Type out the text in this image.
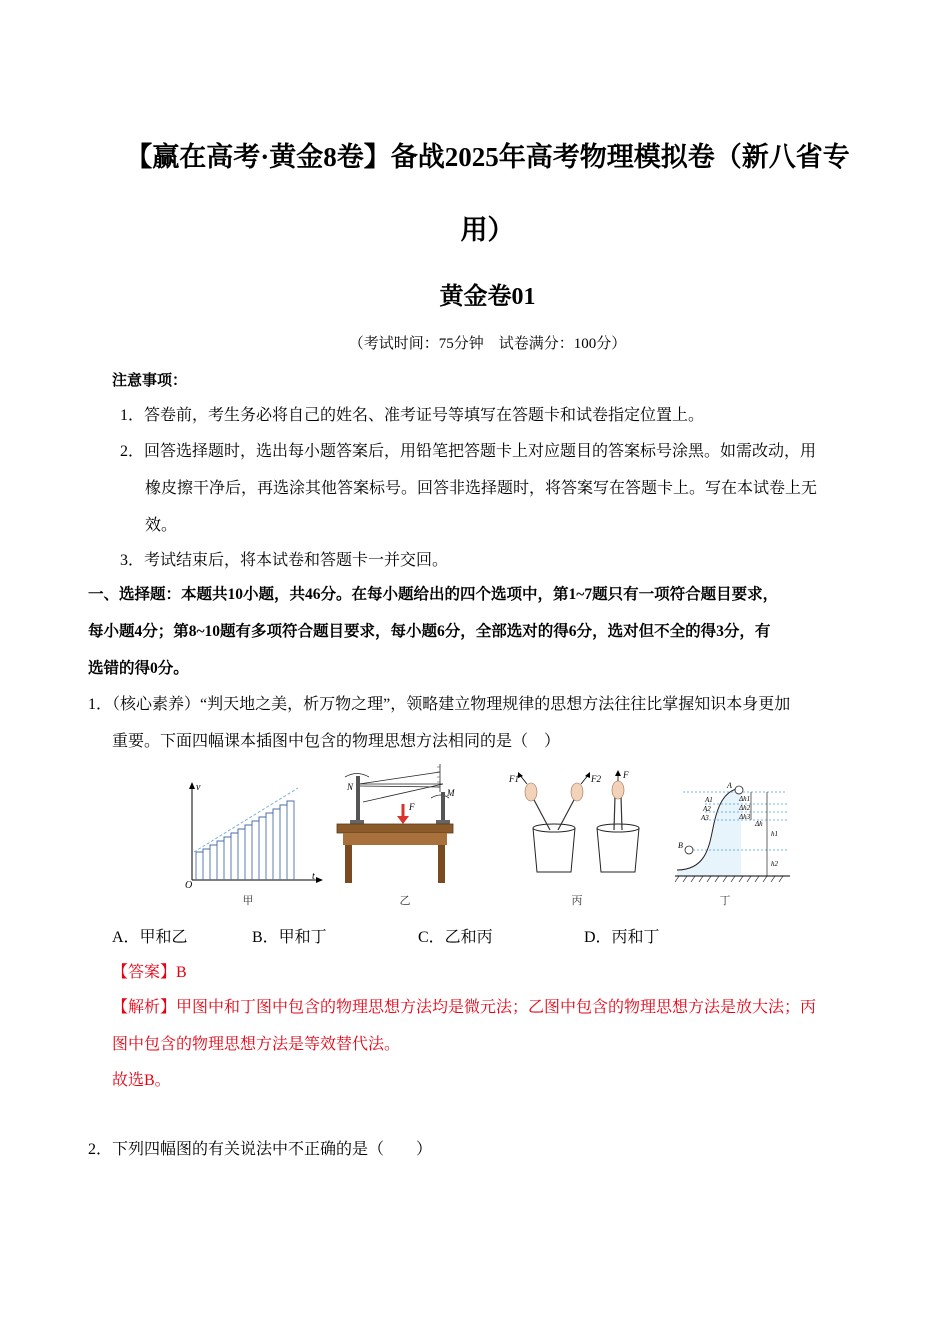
【赢在高考·黄金8卷】备战2025年高考物理模拟卷（新八省专
用）
黄金卷01
（考试时间：75分钟　试卷满分：100分）
注意事项：
1．答卷前，考生务必将自己的姓名、准考证号等填写在答题卡和试卷指定位置上。
2．回答选择题时，选出每小题答案后，用铅笔把答题卡上对应题目的答案标号涂黑。如需改动，用
橡皮擦干净后，再选涂其他答案标号。回答非选择题时，将答案写在答题卡上。写在本试卷上无
效。
3．考试结束后，将本试卷和答题卡一并交回。
一、选择题：本题共10小题，共46分。在每小题给出的四个选项中，第1~7题只有一项符合题目要求，
每小题4分；第8~10题有多项符合题目要求，每小题6分，全部选对的得6分，选对但不全的得3分，有
选错的得0分。
1．（核心素养）“判天地之美，析万物之理”，领略建立物理规律的思想方法往往比掌握知识本身更加
重要。下面四幅课本插图中包含的物理思想方法相同的是（　）
v
t
O
甲
N
M
F
乙
F1	F2 F
丙
A
A1
A2
A3
B
Δh1
Δh2
Δh3
Δh
h1
h2
丁
A．甲和乙	B．甲和丁	C．乙和丙	D．丙和丁
【答案】B
【解析】甲图中和丁图中包含的物理思想方法均是微元法；乙图中包含的物理思想方法是放大法；丙
图中包含的物理思想方法是等效替代法。
故选B。
2．下列四幅图的有关说法中不正确的是（　　）
